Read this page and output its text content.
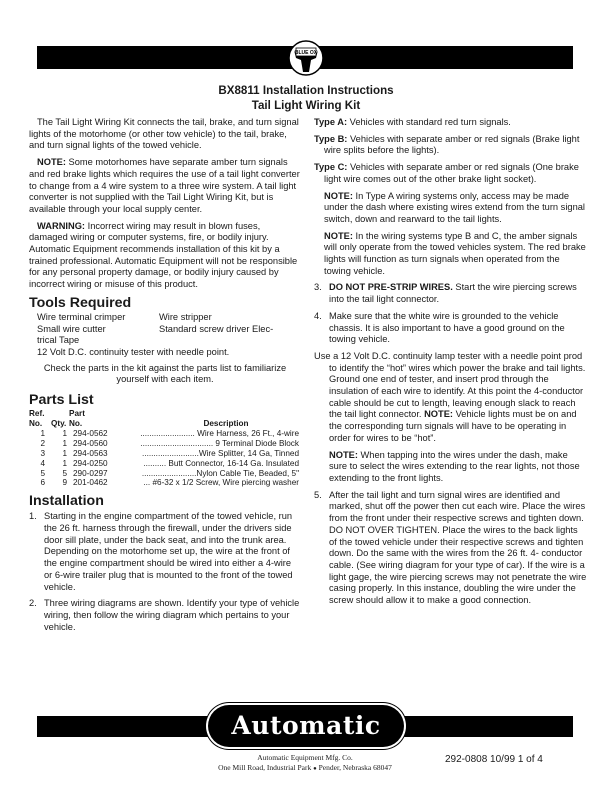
BLUE OX
BX8811 Installation Instructions
Tail Light Wiring Kit

The Tail Light Wiring Kit connects the tail, brake, and turn signal lights of the motorhome (or other tow vehicle) to the tail, brake, and turn signal lights of the towed vehicle.

NOTE: Some motorhomes have separate amber turn signals and red brake lights which requires the use of a tail light converter to change from a 4 wire system to a three wire system. A tail light converter is not supplied with the Tail Light Wiring Kit, but is available through your local supply center.

WARNING: Incorrect wiring may result in blown fuses, damaged wiring or computer systems, fire, or bodily injury. Automatic Equipment recommends installation of this kit by a trained professional. Automatic Equipment will not be responsible for any personal property damage, or bodily injury caused by incorrect wiring or misuse of this product.

Tools Required
Wire terminal crimper	Wire stripper
Small wire cutter	Standard screw driver Elec-
trical Tape
12 Volt D.C. continuity tester with needle point.

Check the parts in the kit against the parts list to familiarize yourself with each item.

Parts List
Ref.		Part	
No.	Qty.	No.	Description
1	1	294-0562	........................ Wire Harness, 26 Ft., 4-wire
2	1	294-0560	................................ 9 Terminal Diode Block
3	1	294-0563	.........................Wire Splitter, 14 Ga, Tinned
4	1	294-0250	.......... Butt Connector, 16-14 Ga. Insulated
5	5	290-0297	........................Nylon Cable Tie, Beaded, 5"
6	9	201-0462	... #6-32 x 1/2 Screw, Wire piercing washer
Installation
1. Starting in the engine compartment of the towed vehicle, run the 26 ft. harness through the firewall, under the drivers side door sill plate, under the back seat, and into the trunk area. Depending on the motorhome set up, the wire at the front of the engine compartment should be wired into either a 4-wire or 6-wire trailer plug that is mounted to the front of the towed vehicle.
2. Three wiring diagrams are shown. Identify your type of vehicle wiring, then follow the wiring diagram which pertains to your vehicle.

Type A: Vehicles with standard red turn signals.

Type B: Vehicles with separate amber or red signals (Brake light wire splits before the lights).

Type C: Vehicles with separate amber or red signals (One brake light wire comes out of the other brake light socket).

NOTE: In Type A wiring systems only, access may be made under the dash where existing wires extend from the turn signal switch, down and rearward to the tail lights.

NOTE: In the wiring systems type B and C, the amber signals will only operate from the towed vehicles system. The red brake lights will function as turn signals when operated from the towing vehicle.

3. DO NOT PRE-STRIP WIRES. Start the wire piercing screws into the tail light connector.
4. Make sure that the white wire is grounded to the vehicle chassis. It is also important to have a good ground on the towing vehicle.

Use a 12 Volt D.C. continuity lamp tester with a needle point prod to identify the “hot” wires which power the brake and tail lights. Ground one end of tester, and insert prod through the insulation of each wire to identify. At this point the 4-conductor cable should be cut to length, leaving enough slack to reach the tail light connector. NOTE: Vehicle lights must be on and the corresponding turn signals will have to be operating in order for wires to be “hot”.

NOTE: When tapping into the wires under the dash, make sure to select the wires extending to the rear lights, not those extending to the front lights.

5. After the tail light and turn signal wires are identified and marked, shut off the power then cut each wire. Place the wires from the front under their respective screws and tighten down. DO NOT OVER TIGHTEN. Place the wires to the back lights of the towed vehicle under their respective screws and tighten down. Do the same with the wires from the 26 ft. 4- conductor cable. (See wiring diagram for your type of car). If the wire is a light gage, the wire piercing screws may not penetrate the wire casing properly. In this instance, doubling the wire under the screw should allow it to make a good connection.
Automatic
Automatic Equipment Mfg. Co.
One Mill Road, Industrial Park ● Pender, Nebraska 68047
292-0808 10/99 1 of 4
